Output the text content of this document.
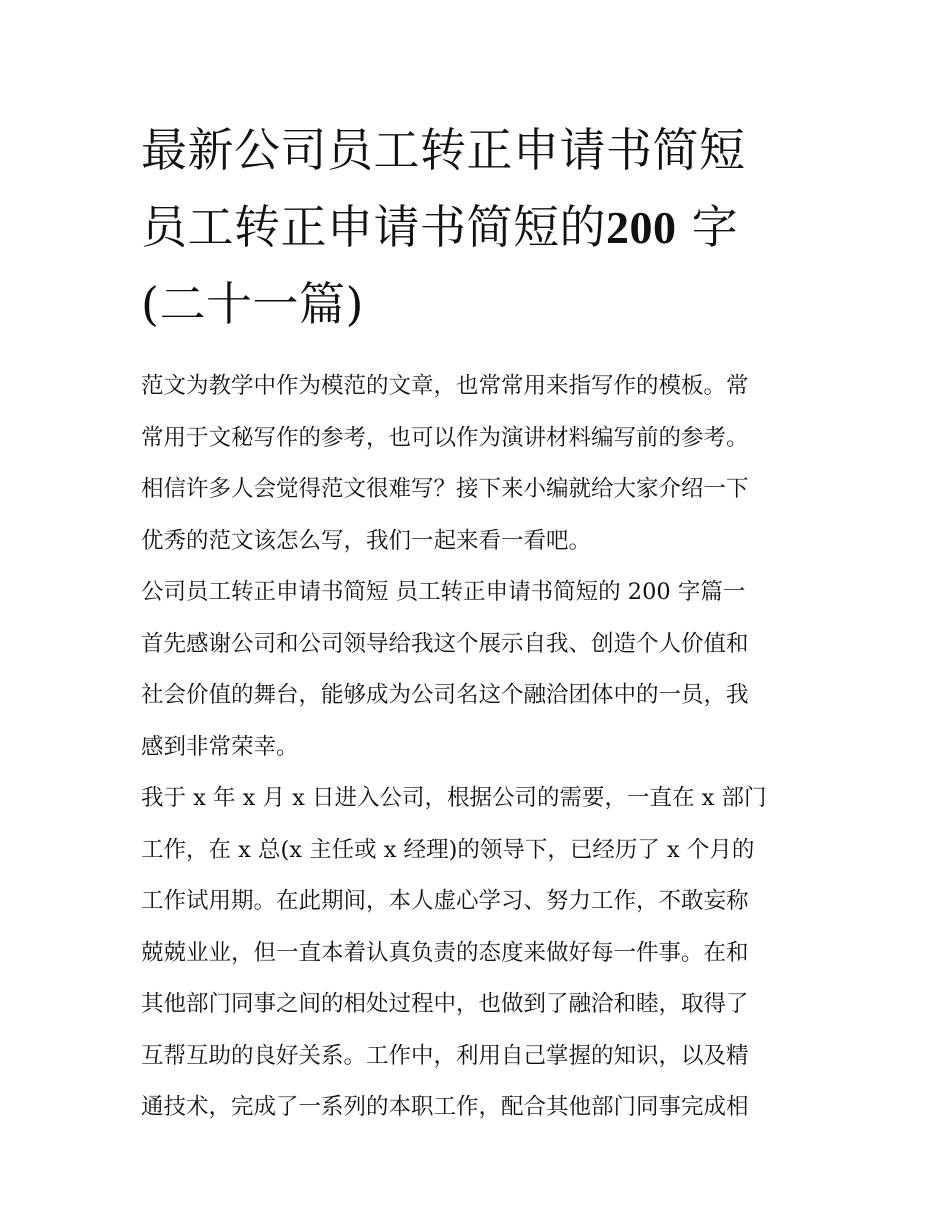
最新公司员工转正申请书简短
员工转正申请书简短的200 字
(二十一篇)
范文为教学中作为模范的文章，也常常用来指写作的模板。常
常用于文秘写作的参考，也可以作为演讲材料编写前的参考。
相信许多人会觉得范文很难写？接下来小编就给大家介绍一下
优秀的范文该怎么写，我们一起来看一看吧。
公司员工转正申请书简短 员工转正申请书简短的 200 字篇一
首先感谢公司和公司领导给我这个展示自我、创造个人价值和
社会价值的舞台，能够成为公司名这个融洽团体中的一员，我
感到非常荣幸。
我于 x 年 x 月 x 日进入公司，根据公司的需要，一直在 x 部门
工作，在 x 总(x 主任或 x 经理)的领导下，已经历了 x 个月的
工作试用期。在此期间，本人虚心学习、努力工作，不敢妄称
兢兢业业，但一直本着认真负责的态度来做好每一件事。在和
其他部门同事之间的相处过程中，也做到了融洽和睦，取得了
互帮互助的良好关系。工作中，利用自己掌握的知识，以及精
通技术，完成了一系列的本职工作，配合其他部门同事完成相
